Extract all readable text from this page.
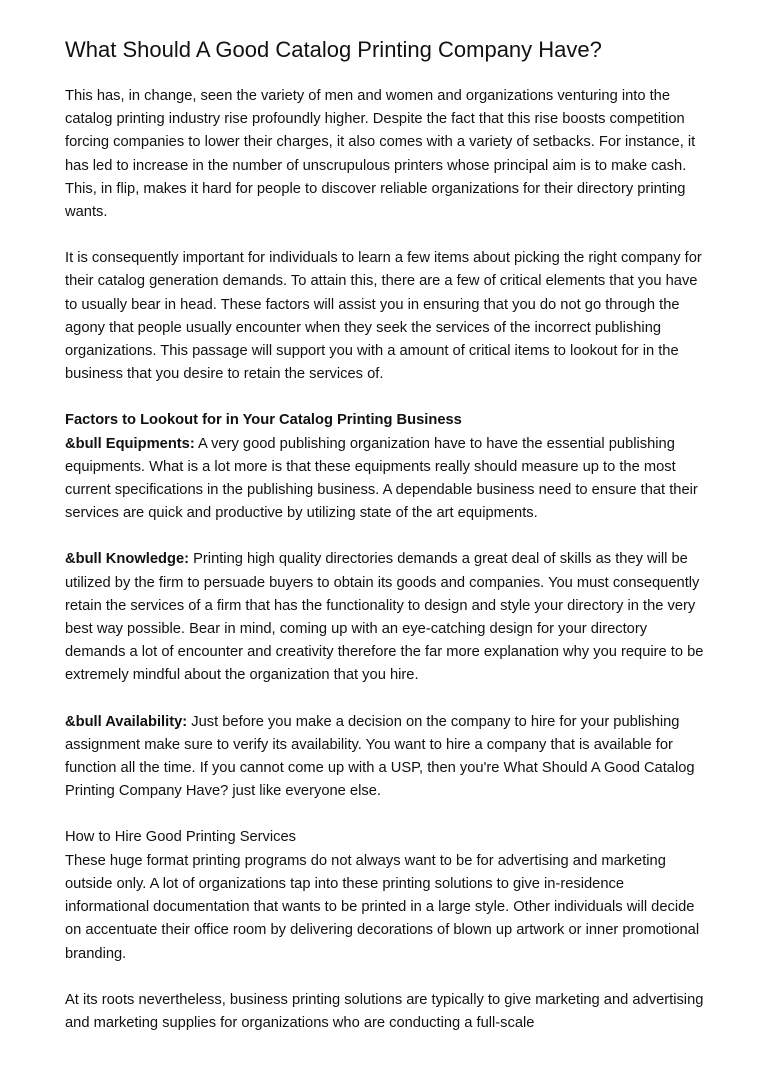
What Should A Good Catalog Printing Company Have?

This has, in change, seen the variety of men and women and organizations venturing into the catalog printing industry rise profoundly higher. Despite the fact that this rise boosts competition forcing companies to lower their charges, it also comes with a variety of setbacks. For instance, it has led to increase in the number of unscrupulous printers whose principal aim is to make cash. This, in flip, makes it hard for people to discover reliable organizations for their directory printing wants.

It is consequently important for individuals to learn a few items about picking the right company for their catalog generation demands. To attain this, there are a few of critical elements that you have to usually bear in head. These factors will assist you in ensuring that you do not go through the agony that people usually encounter when they seek the services of the incorrect publishing organizations. This passage will support you with a amount of critical items to lookout for in the business that you desire to retain the services of.

Factors to Lookout for in Your Catalog Printing Business

&bull Equipments: A very good publishing organization have to have the essential publishing equipments. What is a lot more is that these equipments really should measure up to the most current specifications in the publishing business. A dependable business need to ensure that their services are quick and productive by utilizing state of the art equipments.

&bull Knowledge: Printing high quality directories demands a great deal of skills as they will be utilized by the firm to persuade buyers to obtain its goods and companies. You must consequently retain the services of a firm that has the functionality to design and style your directory in the very best way possible. Bear in mind, coming up with an eye-catching design for your directory demands a lot of encounter and creativity therefore the far more explanation why you require to be extremely mindful about the organization that you hire.

&bull Availability: Just before you make a decision on the company to hire for your publishing assignment make sure to verify its availability. You want to hire a company that is available for function all the time. If you cannot come up with a USP, then you're What Should A Good Catalog Printing Company Have? just like everyone else.

How to Hire Good Printing Services

These huge format printing programs do not always want to be for advertising and marketing outside only. A lot of organizations tap into these printing solutions to give in-residence informational documentation that wants to be printed in a large style. Other individuals will decide on accentuate their office room by delivering decorations of blown up artwork or inner promotional branding.

At its roots nevertheless, business printing solutions are typically to give marketing and advertising and marketing supplies for organizations who are conducting a full-scale
